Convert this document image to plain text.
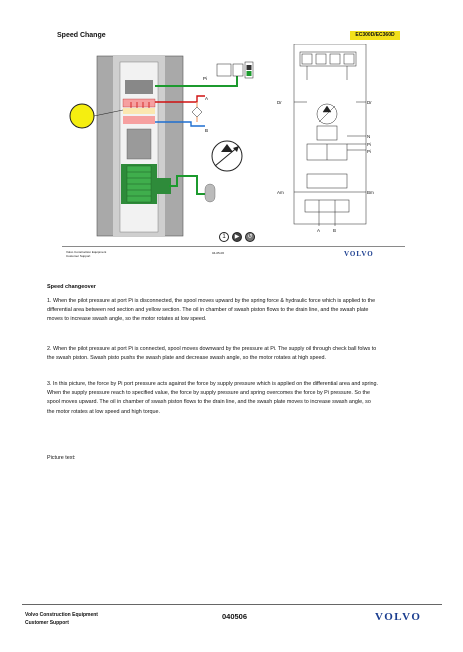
Speed Change	EC300D/EC360D
Pi
A
B
Dr	Dr
N
Pi
Pi
Am	Bm
A	B
1	▶	↺
Volvo Construction Equipment
Customer Support
04-05-06	VOLVO
Speed changeover
1. When the pilot pressure at port Pi is disconnected, the spool moves upward by the spring force & hydraulic force which is applied to the differential area between red section and yellow section. The oil in chamber of swash piston flows to the drain line, and the swash plate moves to increase swash angle, so the motor rotates at low speed.
2. When the pilot pressure at port Pi is connected, spool moves downward by the pressure at Pi. The supply oil through check ball folws to the swash piston. Swash pisto pushs the swash plate and decrease swash angle, so the motor rotates at high speed.
3. In this picture, the force by Pi port pressure acts against the force by supply pressure which is applied on the differential area and spring. When the supply pressure reach to specified value, the force by supply pressure and spring overcomes the force by Pi pressure. So the spool moves upward. The oil in chamber of swash piston flows to the drain line, and the swash plate moves to increase swash angle, so the motor rotates at low speed and high torque.
Picture text:
Volvo Construction Equipment
Customer Support
040506	VOLVO
